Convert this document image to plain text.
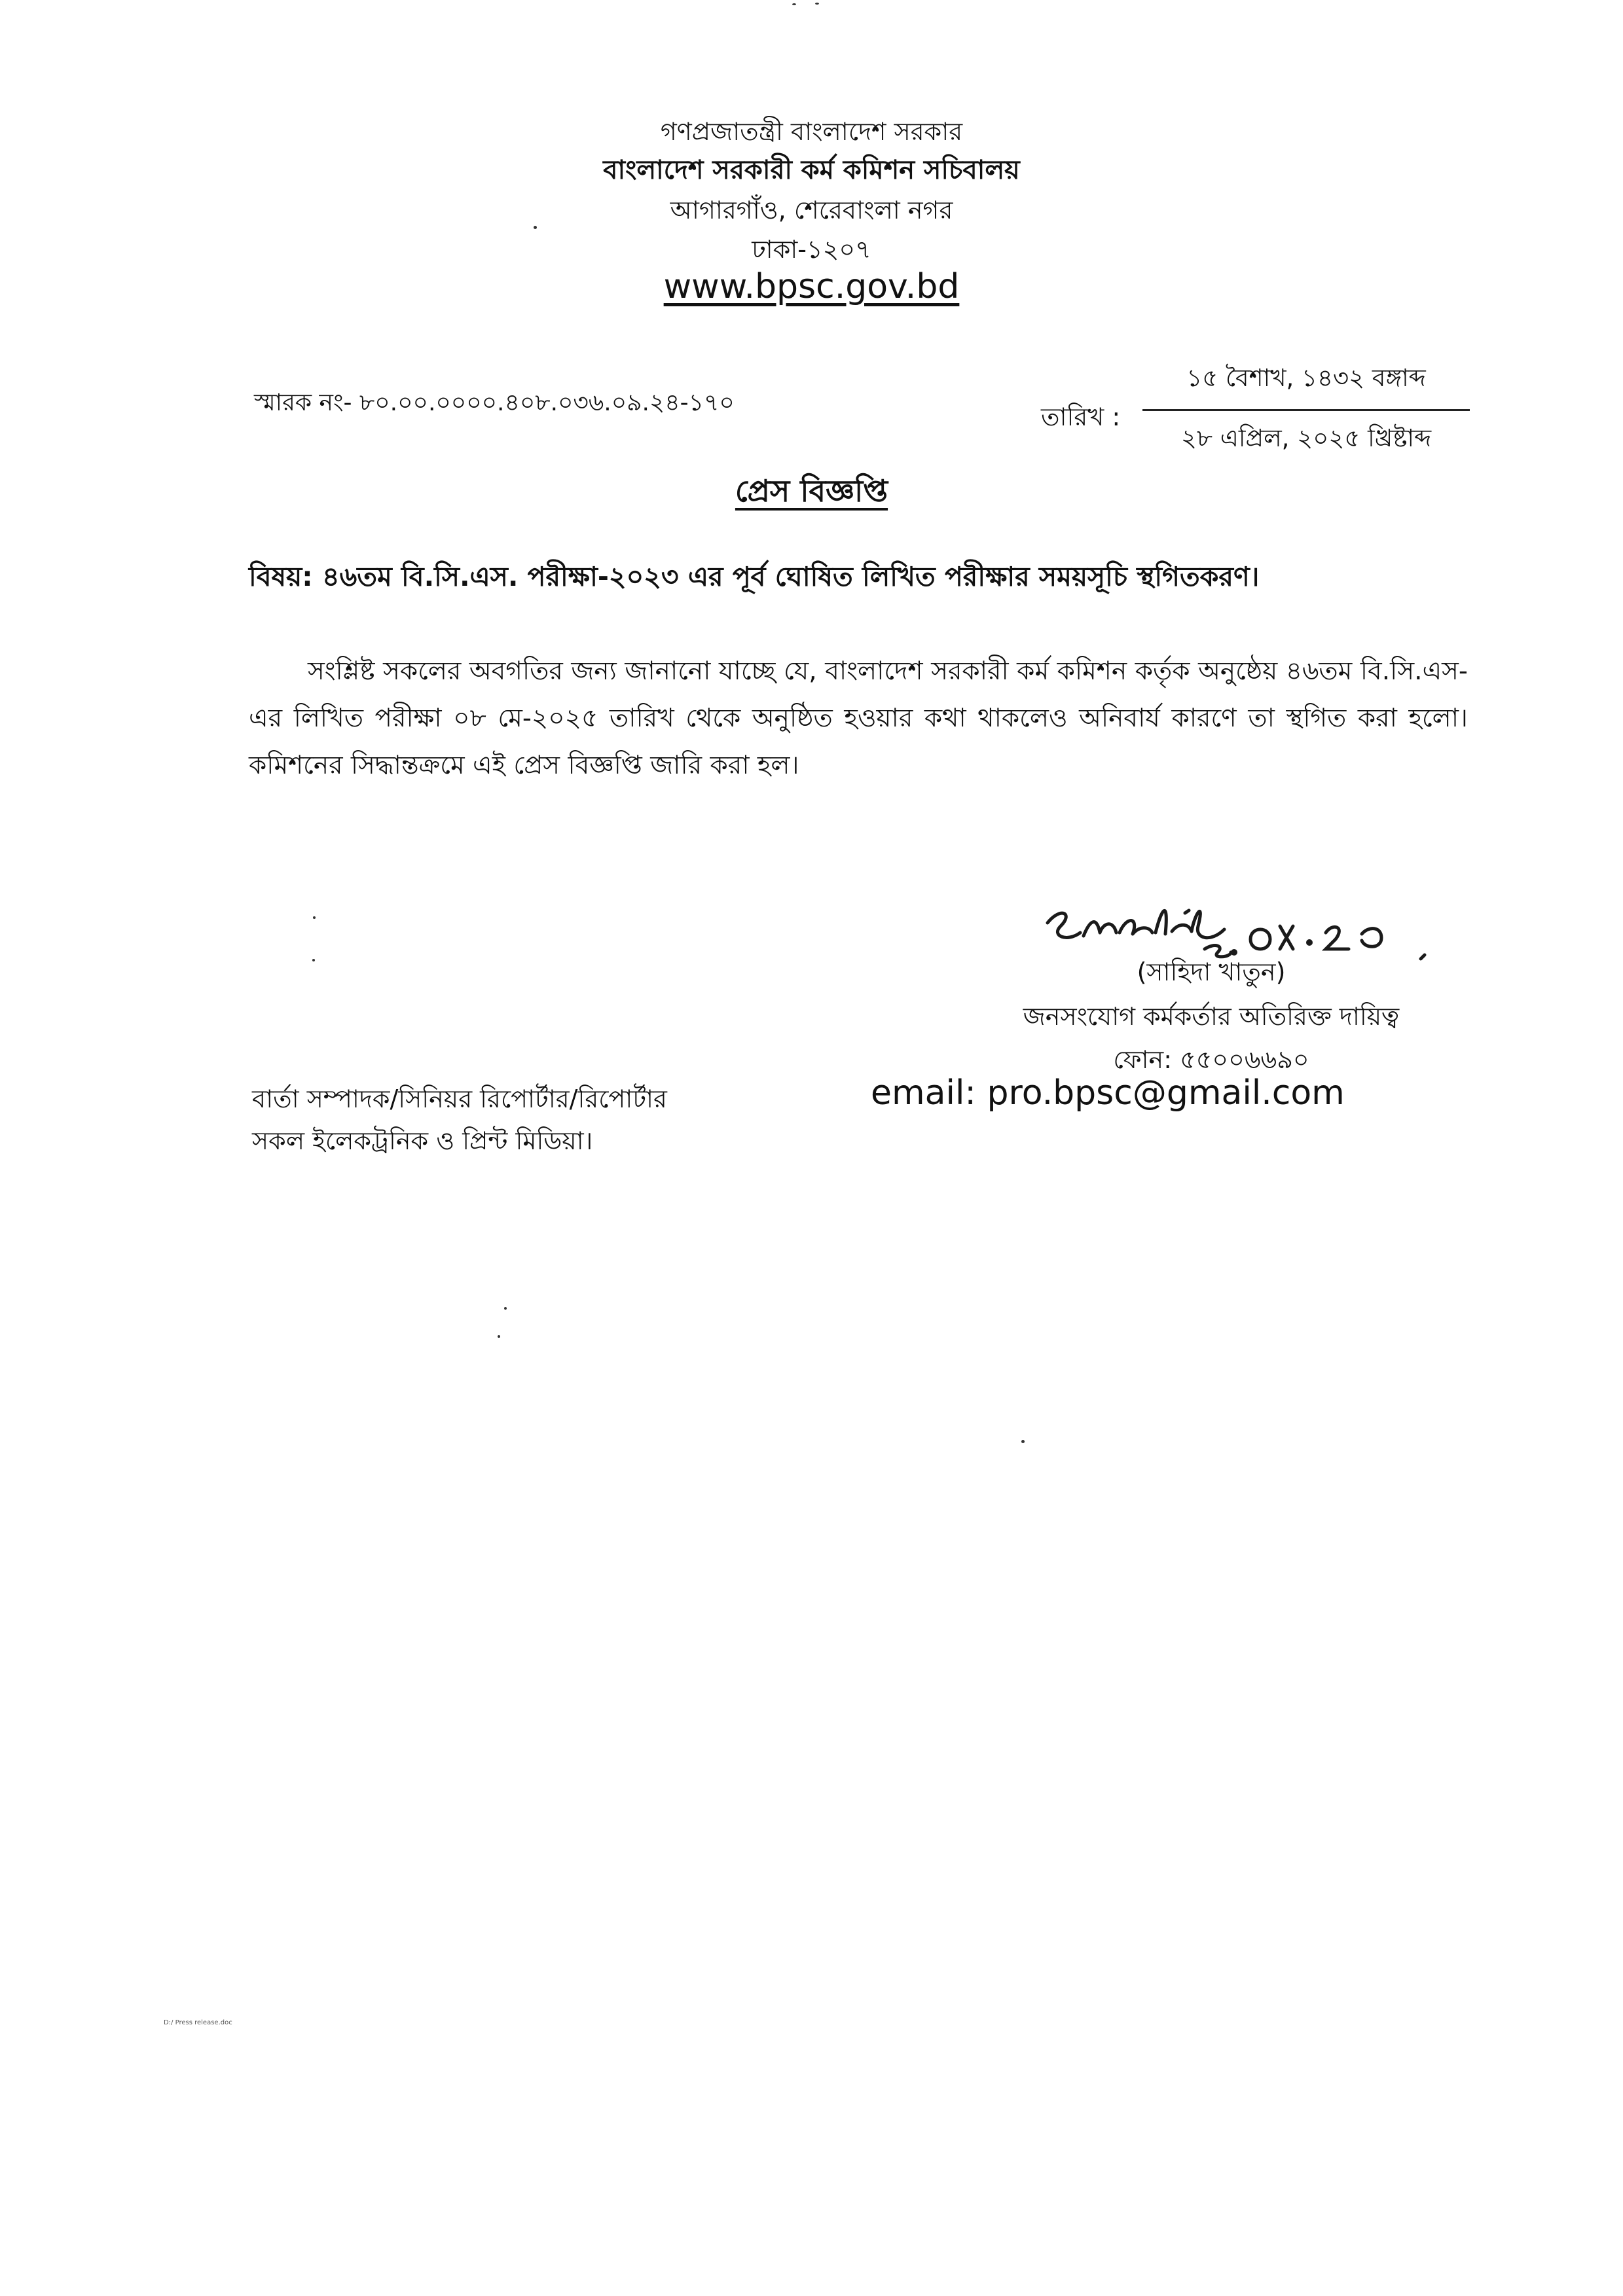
গণপ্রজাতন্ত্রী বাংলাদেশ সরকার
বাংলাদেশ সরকারী কর্ম কমিশন সচিবালয়
আগারগাঁও, শেরেবাংলা নগর
ঢাকা-১২০৭
www.bpsc.gov.bd
স্মারক নং- ৮০.০০.০০০০.৪০৮.০৩৬.০৯.২৪-১৭০	তারিখ :
১৫ বৈশাখ, ১৪৩২ বঙ্গাব্দ
২৮ এপ্রিল, ২০২৫ খ্রিষ্টাব্দ
প্রেস বিজ্ঞপ্তি
বিষয়: ৪৬তম বি.সি.এস. পরীক্ষা-২০২৩ এর পূর্ব ঘোষিত লিখিত পরীক্ষার সময়সূচি স্থগিতকরণ।
সংশ্লিষ্ট সকলের অবগতির জন্য জানানো যাচ্ছে যে, বাংলাদেশ সরকারী কর্ম কমিশন কর্তৃক অনুষ্ঠেয় ৪৬তম বি.সি.এস-এর লিখিত পরীক্ষা ০৮ মে-২০২৫ তারিখ থেকে অনুষ্ঠিত হওয়ার কথা থাকলেও অনিবার্য কারণে তা স্থগিত করা হলো। কমিশনের সিদ্ধান্তক্রমে এই প্রেস বিজ্ঞপ্তি জারি করা হল।
(সাহিদা খাতুন)
জনসংযোগ কর্মকর্তার অতিরিক্ত দায়িত্ব
ফোন: ৫৫০০৬৬৯০
email: pro.bpsc@gmail.com
বার্তা সম্পাদক/সিনিয়র রিপোর্টার/রিপোর্টার
সকল ইলেকট্রনিক ও প্রিন্ট মিডিয়া।
D:/ Press release.doc
